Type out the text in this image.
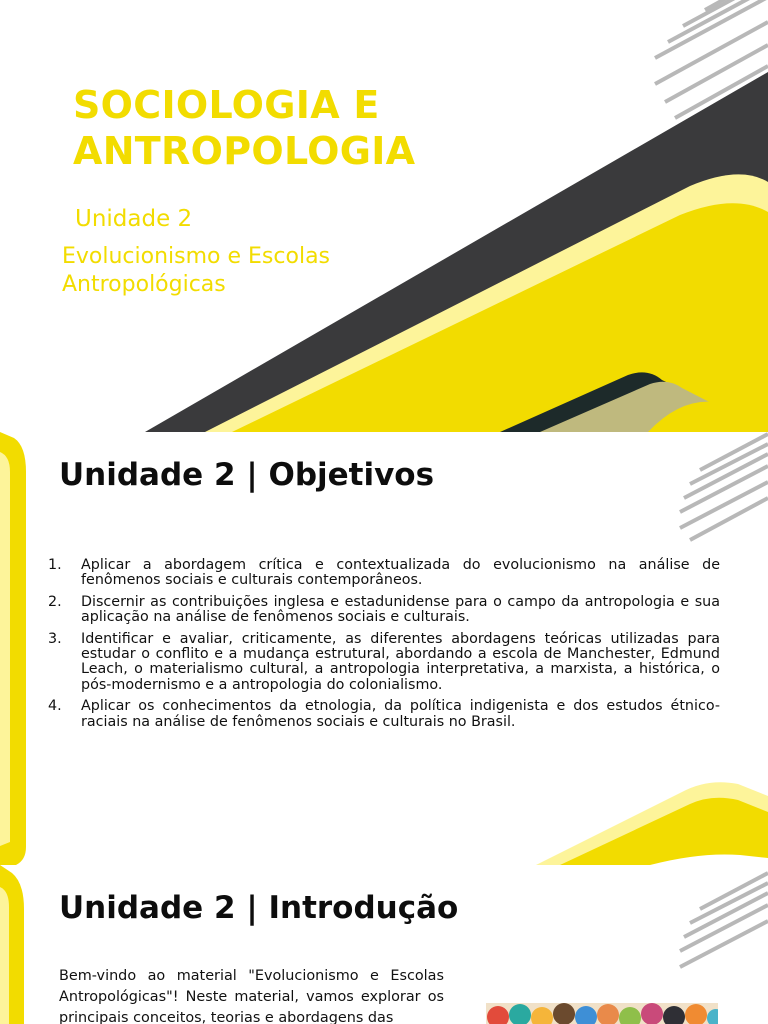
SOCIOLOGIA E
ANTROPOLOGIA

Unidade 2

Evolucionismo e Escolas
Antropológicas

Unidade 2 | Objetivos
1. Aplicar a abordagem crítica e contextualizada do evolucionismo na análise de fenômenos sociais e culturais contemporâneos.
2. Discernir as contribuições inglesa e estadunidense para o campo da antropologia e sua aplicação na análise de fenômenos sociais e culturais.
3. Identificar e avaliar, criticamente, as diferentes abordagens teóricas utilizadas para estudar o conflito e a mudança estrutural, abordando a escola de Manchester, Edmund Leach, o materialismo cultural, a antropologia interpretativa, a marxista, a histórica, o pós-modernismo e a antropologia do colonialismo.
4. Aplicar os conhecimentos da etnologia, da política indigenista e dos estudos étnico-raciais na análise de fenômenos sociais e culturais no Brasil.
Unidade 2 | Introdução

Bem-vindo ao material "Evolucionismo e Escolas Antropológicas"! Neste material, vamos explorar os principais conceitos, teorias e abordagens das
